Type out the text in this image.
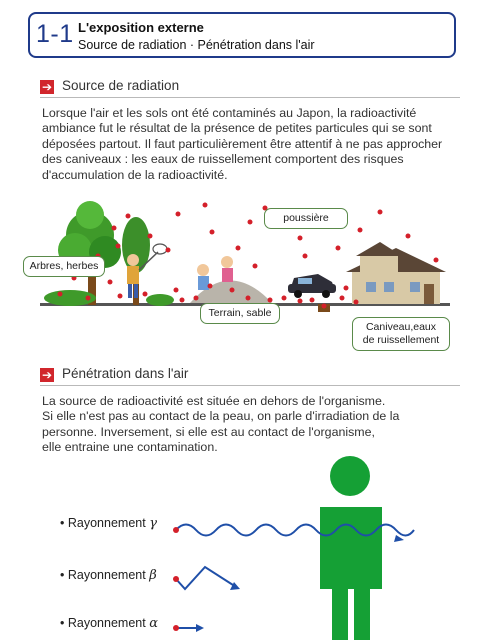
1-1 L'exposition externe
Source de radiation · Pénétration dans l'air
➔ Source de radiation

Lorsque l'air et les sols ont été contaminés au Japon, la radioactivité ambiance fut le résultat de la présence de petites particules qui se sont déposées partout. Il faut particulièrement être attentif à ne pas approcher des caniveaux : les eaux de ruissellement comportent des risques d'accumulation de la radioactivité.

Arbres, herbes
poussière
Terrain, sable
Caniveau,eaux
de ruissellement
➔ Pénétration dans l'air

La source de radioactivité est située en dehors de l'organisme.

Si elle n'est pas au contact de la peau, on parle d'irradiation de la

personne. Inversement, si elle est au contact de l'organisme,

elle entraine une contamination.

• Rayonnement γ
• Rayonnement β
• Rayonnement α
